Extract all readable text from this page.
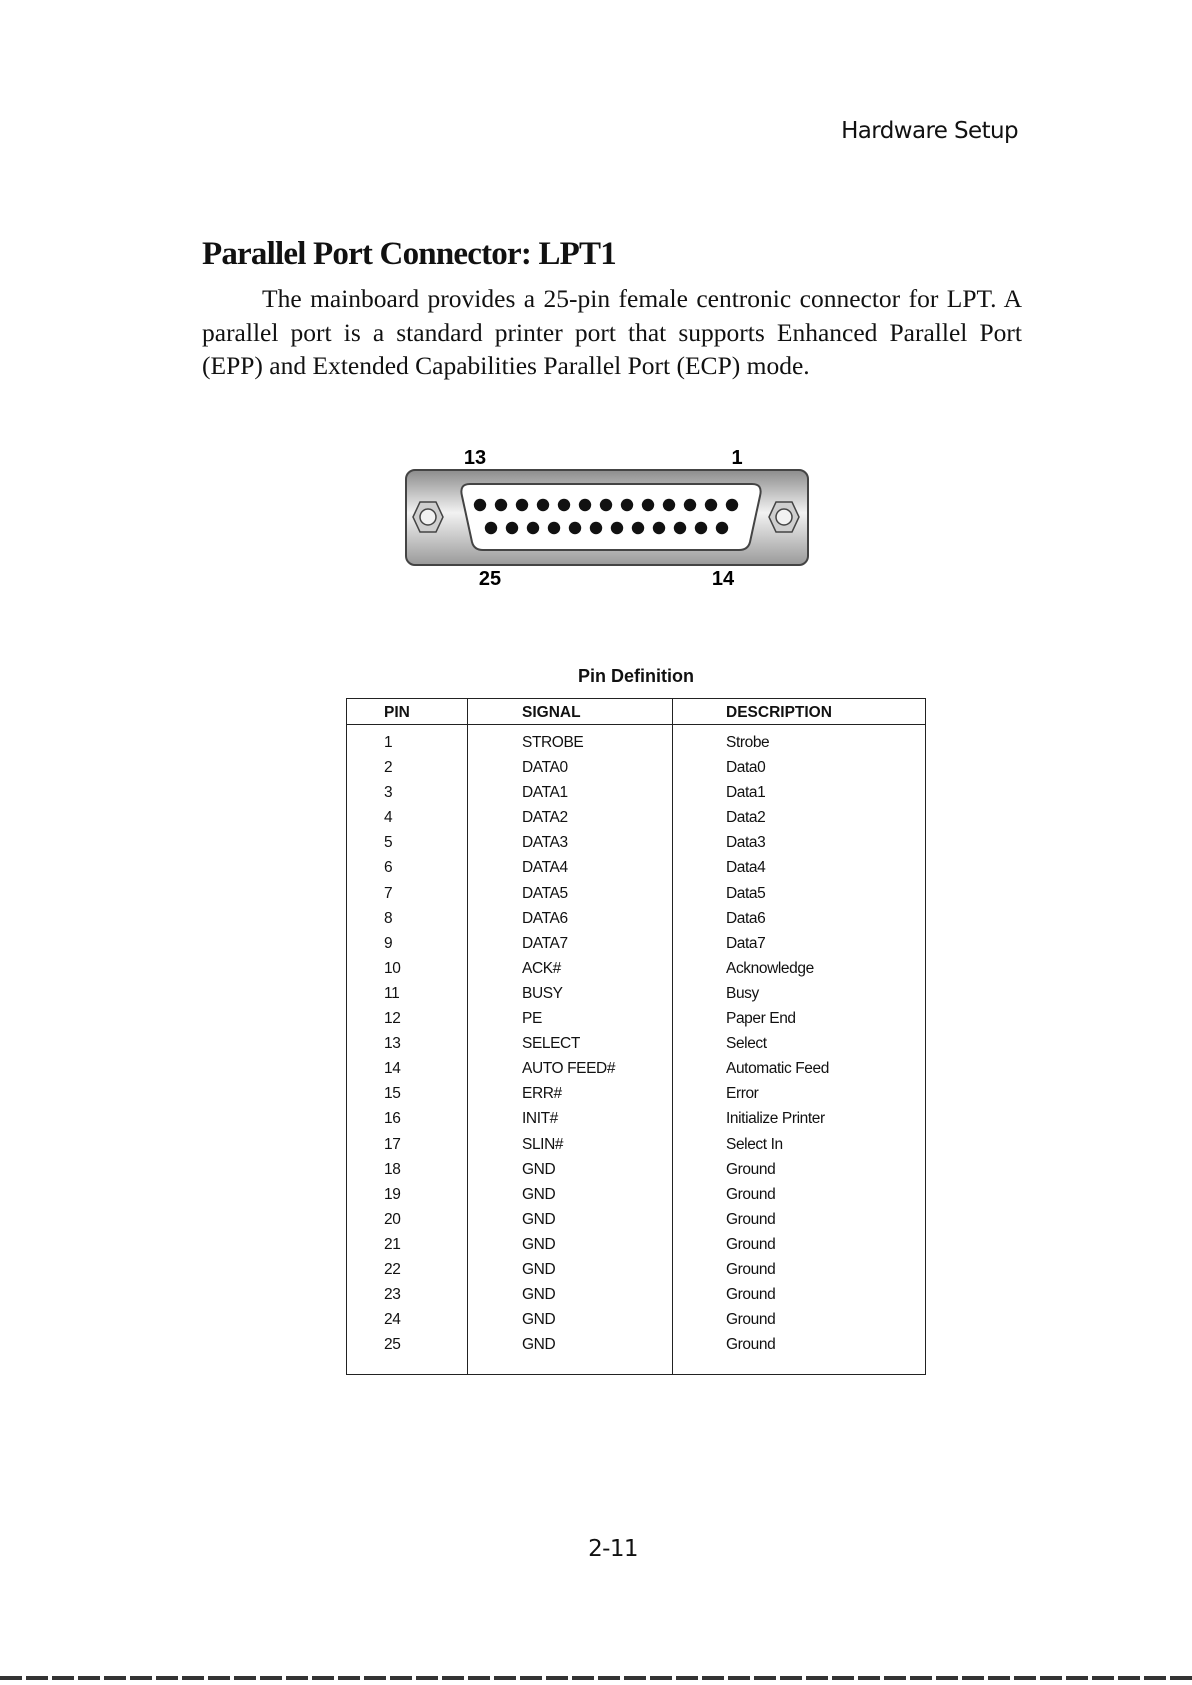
Hardware Setup
Parallel Port Connector: LPT1

The mainboard provides a 25-pin female centronic connector for LPT. A parallel port is a standard printer port that supports Enhanced Parallel Port (EPP) and Extended Capabilities Parallel Port (ECP) mode.

13	1
25	14
Pin Definition
PIN	SIGNAL	DESCRIPTION
1	STROBE	Strobe
2	DATA0	Data0
3	DATA1	Data1
4	DATA2	Data2
5	DATA3	Data3
6	DATA4	Data4
7	DATA5	Data5
8	DATA6	Data6
9	DATA7	Data7
10	ACK#	Acknowledge
11	BUSY	Busy
12	PE	Paper End
13	SELECT	Select
14	AUTO FEED#	Automatic Feed
15	ERR#	Error
16	INIT#	Initialize Printer
17	SLIN#	Select In
18	GND	Ground
19	GND	Ground
20	GND	Ground
21	GND	Ground
22	GND	Ground
23	GND	Ground
24	GND	Ground
25	GND	Ground
2-11
